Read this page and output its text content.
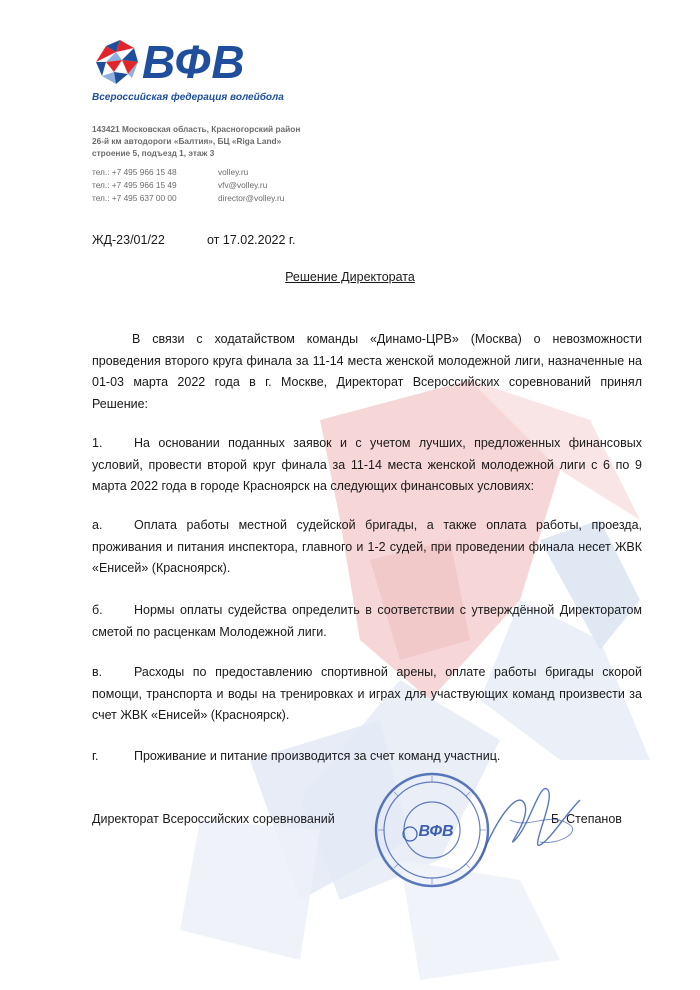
ВФВ
Всероссийская федерация волейбола
143421 Московская область, Красногорский район
26-й км автодороги «Балтия», БЦ «Riga Land»
строение 5, подъезд 1, этаж 3
тел.: +7 495 966 15 48	volley.ru
тел.: +7 495 966 15 49	vfv@volley.ru
тел.: +7 495 637 00 00	director@volley.ru
ЖД-23/01/22	от 17.02.2022 г.
Решение Директората
В связи с ходатайством команды «Динамо-ЦРВ» (Москва) о невозможности проведения второго круга финала за 11-14 места женской молодежной лиги, назначенные на 01-03 марта 2022 года в г. Москве, Директорат Всероссийских соревнований принял Решение:
1.	На основании поданных заявок и с учетом лучших, предложенных финансовых условий, провести второй круг финала за 11-14 места женской молодежной лиги с 6 по 9 марта 2022 года в городе Красноярск на следующих финансовых условиях:
а.	Оплата работы местной судейской бригады, а также оплата работы, проезда, проживания и питания инспектора, главного и 1-2 судей, при проведении финала несет ЖВК «Енисей» (Красноярск).
б.	Нормы оплаты судейства определить в соответствии с утверждённой Директоратом сметой по расценкам Молодежной лиги.
в.	Расходы по предоставлению спортивной арены, оплате работы бригады скорой помощи, транспорта и воды на тренировках и играх для участвующих команд произвести за счет ЖВК «Енисей» (Красноярск).
г.	Проживание и питание производится за счет команд участниц.
Директорат Всероссийских соревнований	Б. Степанов
ВФВ
